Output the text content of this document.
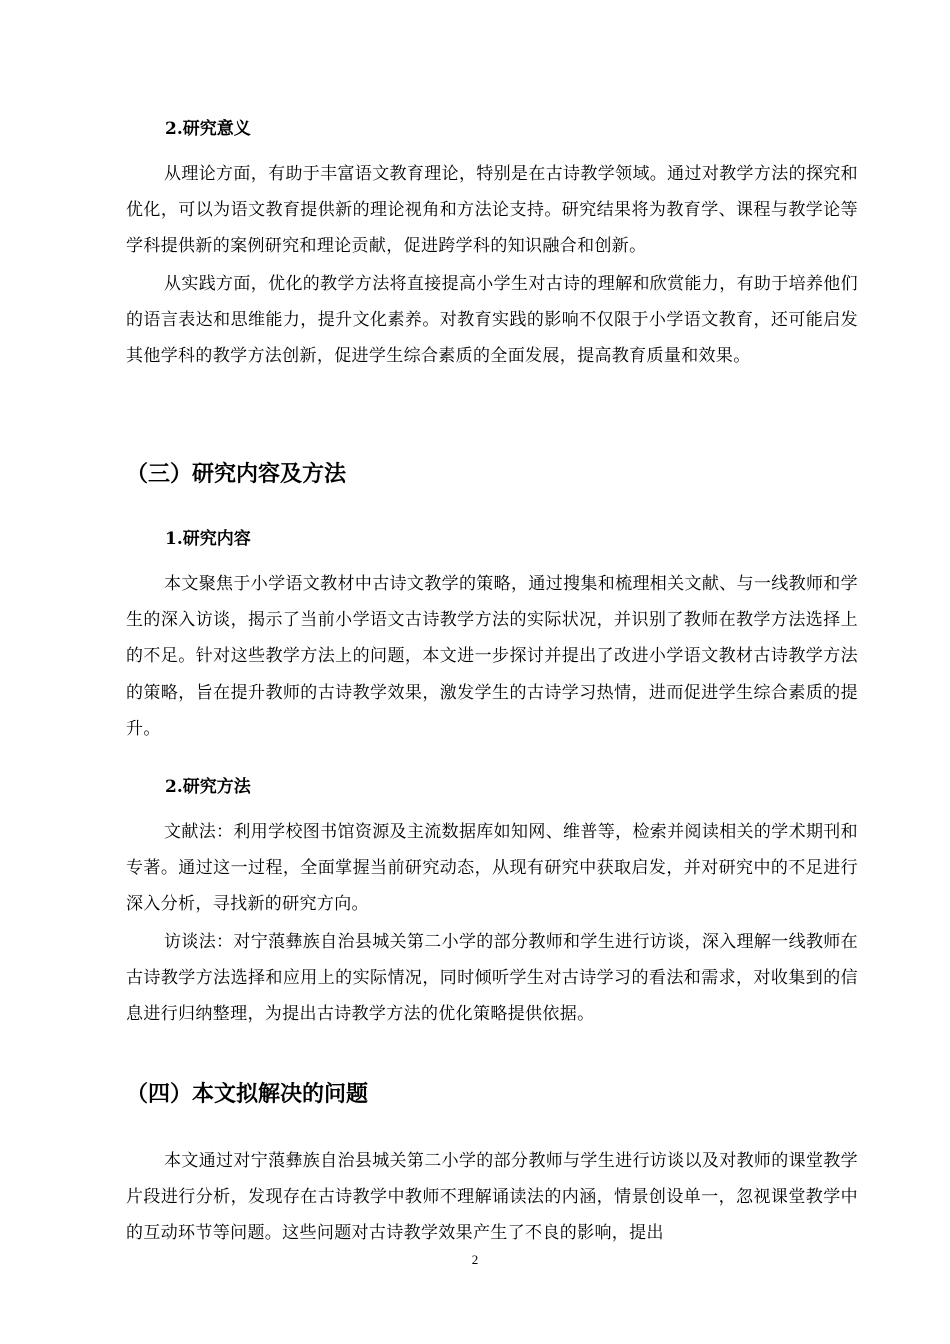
2.研究意义
从理论方面，有助于丰富语文教育理论，特别是在古诗教学领域。通过对教学方法的探究和优化，可以为语文教育提供新的理论视角和方法论支持。研究结果将为教育学、课程与教学论等学科提供新的案例研究和理论贡献，促进跨学科的知识融合和创新。
从实践方面，优化的教学方法将直接提高小学生对古诗的理解和欣赏能力，有助于培养他们的语言表达和思维能力，提升文化素养。对教育实践的影响不仅限于小学语文教育，还可能启发其他学科的教学方法创新，促进学生综合素质的全面发展，提高教育质量和效果。
（三）研究内容及方法
1.研究内容
本文聚焦于小学语文教材中古诗文教学的策略，通过搜集和梳理相关文献、与一线教师和学生的深入访谈，揭示了当前小学语文古诗教学方法的实际状况，并识别了教师在教学方法选择上的不足。针对这些教学方法上的问题，本文进一步探讨并提出了改进小学语文教材古诗教学方法的策略，旨在提升教师的古诗教学效果，激发学生的古诗学习热情，进而促进学生综合素质的提升。
2.研究方法
文献法：利用学校图书馆资源及主流数据库如知网、维普等，检索并阅读相关的学术期刊和专著。通过这一过程，全面掌握当前研究动态，从现有研究中获取启发，并对研究中的不足进行深入分析，寻找新的研究方向。
访谈法：对宁蒗彝族自治县城关第二小学的部分教师和学生进行访谈，深入理解一线教师在古诗教学方法选择和应用上的实际情况，同时倾听学生对古诗学习的看法和需求，对收集到的信息进行归纳整理，为提出古诗教学方法的优化策略提供依据。
（四）本文拟解决的问题
本文通过对宁蒗彝族自治县城关第二小学的部分教师与学生进行访谈以及对教师的课堂教学片段进行分析，发现存在古诗教学中教师不理解诵读法的内涵，情景创设单一，忽视课堂教学中的互动环节等问题。这些问题对古诗教学效果产生了不良的影响，提出
2
